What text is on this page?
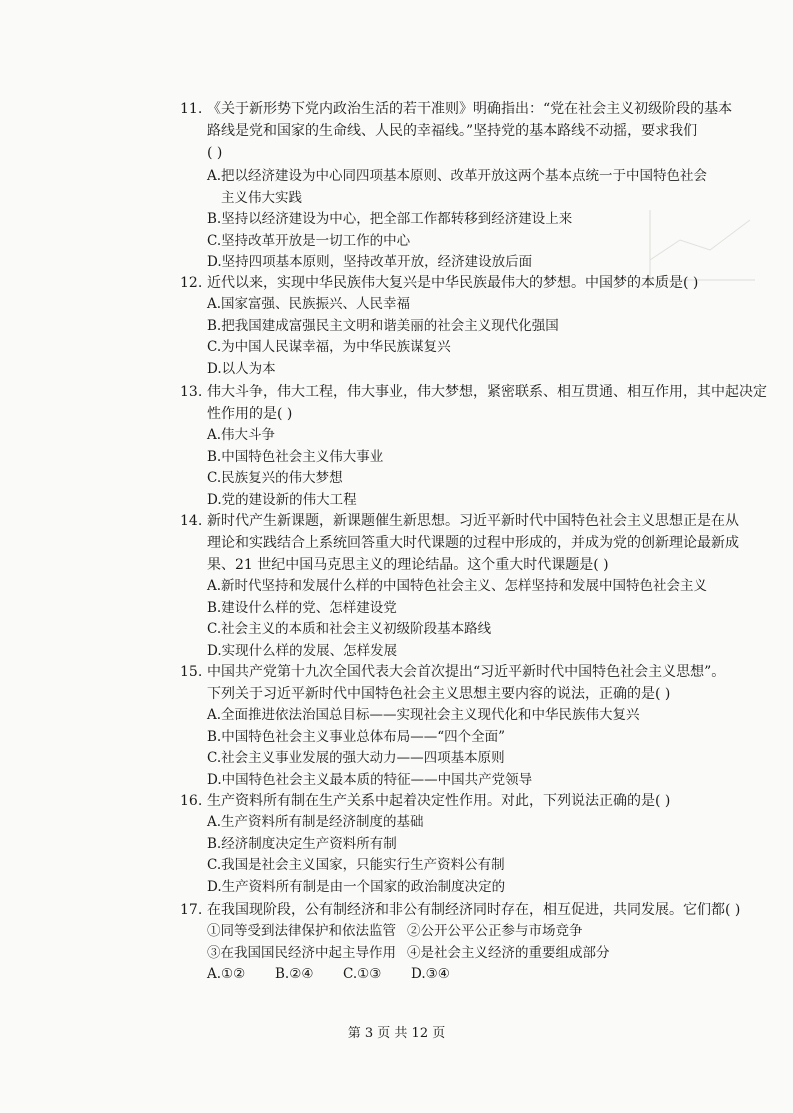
11. 《关于新形势下党内政治生活的若干准则》明确指出：“党在社会主义初级阶段的基本
路线是党和国家的生命线、人民的幸福线。”坚持党的基本路线不动摇，要求我们
( )
A.把以经济建设为中心同四项基本原则、改革开放这两个基本点统一于中国特色社会
主义伟大实践
B.坚持以经济建设为中心，把全部工作都转移到经济建设上来
C.坚持改革开放是一切工作的中心
D.坚持四项基本原则，坚持改革开放，经济建设放后面
12. 近代以来，实现中华民族伟大复兴是中华民族最伟大的梦想。中国梦的本质是( )
A.国家富强、民族振兴、人民幸福
B.把我国建成富强民主文明和谐美丽的社会主义现代化强国
C.为中国人民谋幸福，为中华民族谋复兴
D.以人为本
13. 伟大斗争，伟大工程，伟大事业，伟大梦想，紧密联系、相互贯通、相互作用，其中起决定
性作用的是( )
A.伟大斗争
B.中国特色社会主义伟大事业
C.民族复兴的伟大梦想
D.党的建设新的伟大工程
14. 新时代产生新课题，新课题催生新思想。习近平新时代中国特色社会主义思想正是在从
理论和实践结合上系统回答重大时代课题的过程中形成的，并成为党的创新理论最新成
果、21 世纪中国马克思主义的理论结晶。这个重大时代课题是( )
A.新时代坚持和发展什么样的中国特色社会主义、怎样坚持和发展中国特色社会主义
B.建设什么样的党、怎样建设党
C.社会主义的本质和社会主义初级阶段基本路线
D.实现什么样的发展、怎样发展
15. 中国共产党第十九次全国代表大会首次提出“习近平新时代中国特色社会主义思想”。
下列关于习近平新时代中国特色社会主义思想主要内容的说法，正确的是( )
A.全面推进依法治国总目标——实现社会主义现代化和中华民族伟大复兴
B.中国特色社会主义事业总体布局——“四个全面”
C.社会主义事业发展的强大动力——四项基本原则
D.中国特色社会主义最本质的特征——中国共产党领导
16. 生产资料所有制在生产关系中起着决定性作用。对此，下列说法正确的是( )
A.生产资料所有制是经济制度的基础
B.经济制度决定生产资料所有制
C.我国是社会主义国家，只能实行生产资料公有制
D.生产资料所有制是由一个国家的政治制度决定的
17. 在我国现阶段，公有制经济和非公有制经济同时存在，相互促进，共同发展。它们都( )
①同等受到法律保护和依法监管 ②公开公平公正参与市场竞争
③在我国国民经济中起主导作用 ④是社会主义经济的重要组成部分
A.①② B.②④ C.①③ D.③④
第 3 页 共 12 页
